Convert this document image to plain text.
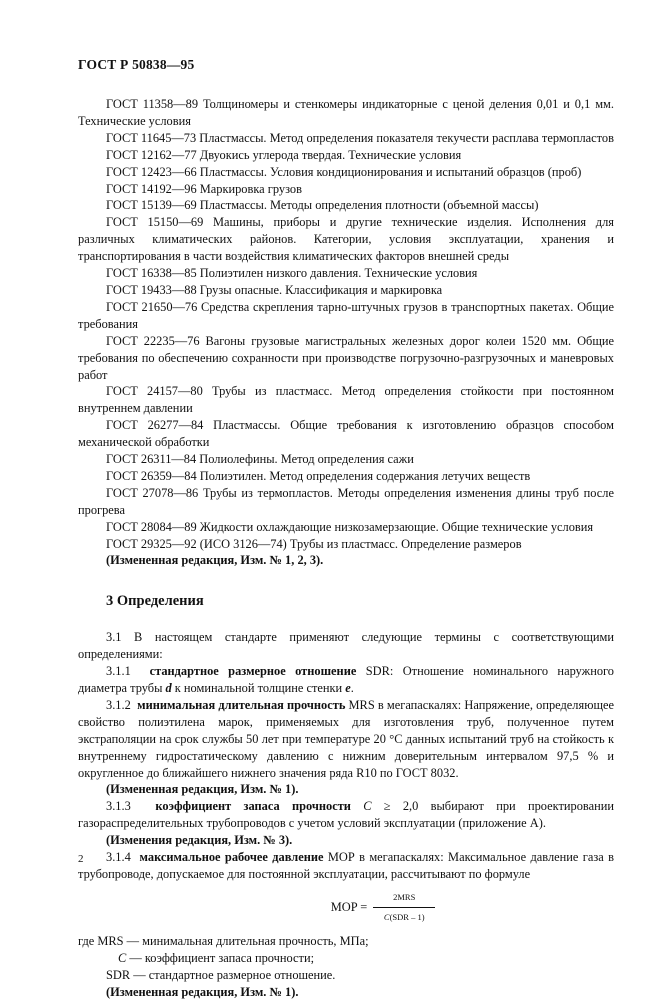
ГОСТ Р 50838—95

ГОСТ 11358—89 Толщиномеры и стенкомеры индикаторные с ценой деления 0,01 и 0,1 мм. Технические условия

ГОСТ 11645—73 Пластмассы. Метод определения показателя текучести расплава термопластов

ГОСТ 12162—77 Двуокись углерода твердая. Технические условия

ГОСТ 12423—66 Пластмассы. Условия кондиционирования и испытаний образцов (проб)

ГОСТ 14192—96 Маркировка грузов

ГОСТ 15139—69 Пластмассы. Методы определения плотности (объемной массы)

ГОСТ 15150—69 Машины, приборы и другие технические изделия. Исполнения для различных климатических районов. Категории, условия эксплуатации, хранения и транспортирования в части воздействия климатических факторов внешней среды

ГОСТ 16338—85 Полиэтилен низкого давления. Технические условия

ГОСТ 19433—88 Грузы опасные. Классификация и маркировка

ГОСТ 21650—76 Средства скрепления тарно-штучных грузов в транспортных пакетах. Общие требования

ГОСТ 22235—76 Вагоны грузовые магистральных железных дорог колеи 1520 мм. Общие требования по обеспечению сохранности при производстве погрузочно-разгрузочных и маневровых работ

ГОСТ 24157—80 Трубы из пластмасс. Метод определения стойкости при постоянном внутреннем давлении

ГОСТ 26277—84 Пластмассы. Общие требования к изготовлению образцов способом механической обработки

ГОСТ 26311—84 Полиолефины. Метод определения сажи

ГОСТ 26359—84 Полиэтилен. Метод определения содержания летучих веществ

ГОСТ 27078—86 Трубы из термопластов. Методы определения изменения длины труб после прогрева

ГОСТ 28084—89 Жидкости охлаждающие низкозамерзающие. Общие технические условия

ГОСТ 29325—92 (ИСО 3126—74) Трубы из пластмасс. Определение размеров

(Измененная редакция, Изм. № 1, 2, 3).

3 Определения

3.1 В настоящем стандарте применяют следующие термины с соответствующими определениями:

3.1.1 стандартное размерное отношение SDR: Отношение номинального наружного диаметра трубы d к номинальной толщине стенки e.

3.1.2 минимальная длительная прочность MRS в мегапаскалях: Напряжение, определяющее свойство полиэтилена марок, применяемых для изготовления труб, полученное путем экстраполяции на срок службы 50 лет при температуре 20 °С данных испытаний труб на стойкость к внутреннему гидростатическому давлению с нижним доверительным интервалом 97,5 % и округленное до ближайшего нижнего значения ряда R10 по ГОСТ 8032.

(Измененная редакция, Изм. № 1).

3.1.3 коэффициент запаса прочности C ≥ 2,0 выбирают при проектировании газораспределительных трубопроводов с учетом условий эксплуатации (приложение А).

(Изменения редакция, Изм. № 3).

3.1.4 максимальное рабочее давление МОР в мегапаскалях: Максимальное давление газа в трубопроводе, допускаемое для постоянной эксплуатации, рассчитывают по формуле

MOP = $\frac{\text{2MRS}}{\text{C(SDR – 1)}}$

где MRS — минимальная длительная прочность, МПа;

C — коэффициент запаса прочности;

SDR — стандартное размерное отношение.

(Измененная редакция, Изм. № 1).

2
